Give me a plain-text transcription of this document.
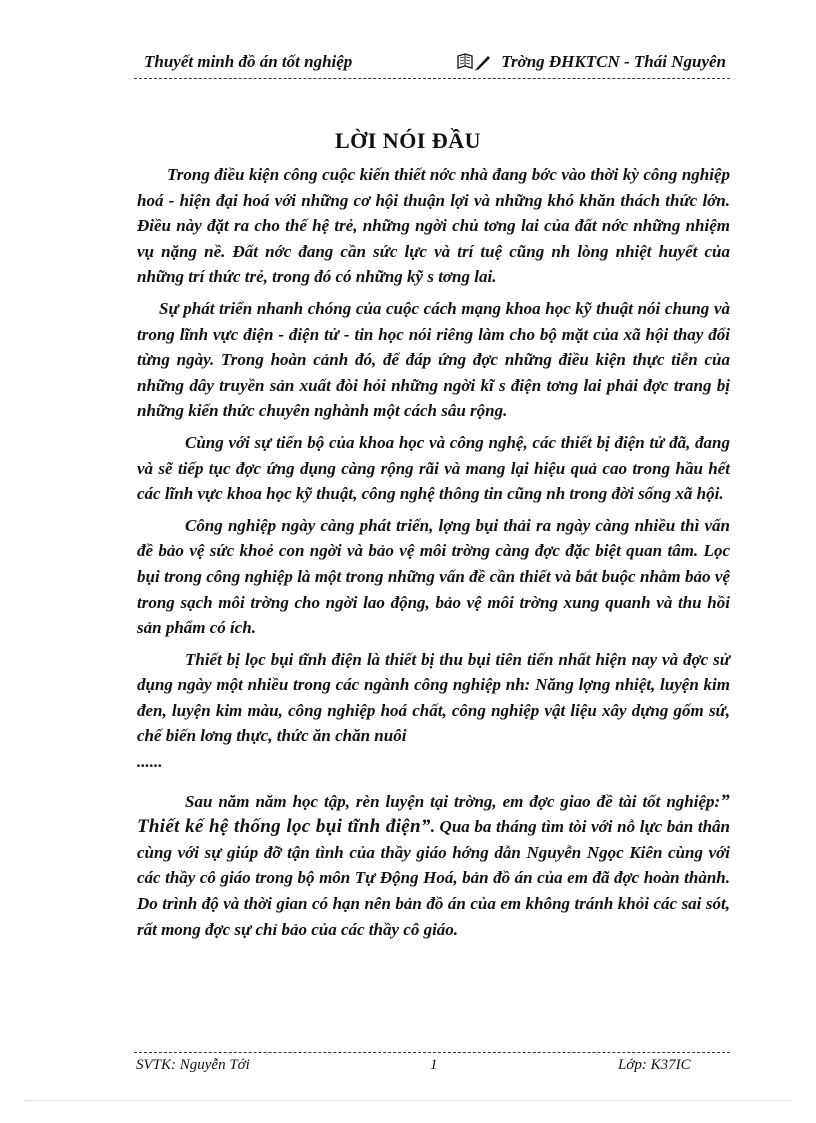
Thuyết minh đồ án tốt nghiệp	Trờng ĐHKTCN - Thái Nguyên
LỜI NÓI ĐẦU

Trong điều kiện công cuộc kiến thiết nớc nhà đang bớc vào thời kỳ công nghiệp hoá - hiện đại hoá với những cơ hội thuận lợi và những khó khăn thách thức lớn. Điều này đặt ra cho thế hệ trẻ, những ngời chủ tơng lai của đất nớc những nhiệm vụ nặng nề. Đất nớc đang cần sức lực và trí tuệ cũng nh lòng nhiệt huyết của những trí thức trẻ, trong đó có những kỹ s tơng lai.

Sự phát triển nhanh chóng của cuộc cách mạng khoa học kỹ thuật nói chung và trong lĩnh vực điện - điện tử - tin học nói riêng làm cho bộ mặt của xã hội thay đổi từng ngày. Trong hoàn cảnh đó, để đáp ứng đợc những điều kiện thực tiễn của những dây truyền sản xuất đòi hỏi những ngời kĩ s điện tơng lai phải đợc trang bị những kiến thức chuyên nghành một cách sâu rộng.

Cùng với sự tiến bộ của khoa học và công nghệ, các thiết bị điện tử đã, đang và sẽ tiếp tục đợc ứng dụng càng rộng rãi và mang lại hiệu quả cao trong hầu hết các lĩnh vực khoa học kỹ thuật, công nghệ thông tin cũng nh trong đời sống xã hội.

Công nghiệp ngày càng phát triển, lợng bụi thải ra ngày càng nhiều thì vấn đề bảo vệ sức khoẻ con ngời và bảo vệ môi trờng càng đợc đặc biệt quan tâm. Lọc bụi trong công nghiệp là một trong những vấn đề cần thiết và bắt buộc nhằm bảo vệ trong sạch môi trờng cho ngời lao động, bảo vệ môi trờng xung quanh và thu hồi sản phẩm có ích.

Thiết bị lọc bụi tĩnh điện là thiết bị thu bụi tiên tiến nhất hiện nay và đợc sử dụng ngày một nhiều trong các ngành công nghiệp nh: Năng lợng nhiệt, luyện kim đen, luyện kim màu, công nghiệp hoá chất, công nghiệp vật liệu xây dựng gốm sứ, chế biến lơng thực, thức ăn chăn nuôi

......

Sau năm năm học tập, rèn luyện tại trờng, em đợc giao đề tài tốt nghiệp:” Thiết kế hệ thống lọc bụi tĩnh điện”. Qua ba tháng tìm tòi với nỗ lực bản thân cùng với sự giúp đỡ tận tình của thầy giáo hớng dẫn Nguyễn Ngọc Kiên cùng với các thầy cô giáo trong bộ môn Tự Động Hoá, bản đồ án của em đã đợc hoàn thành. Do trình độ và thời gian có hạn nên bản đồ án của em không tránh khỏi các sai sót, rất mong đợc sự chỉ bảo của các thầy cô giáo.

SVTK: Nguyễn Tới	1	Lớp: K37IC
